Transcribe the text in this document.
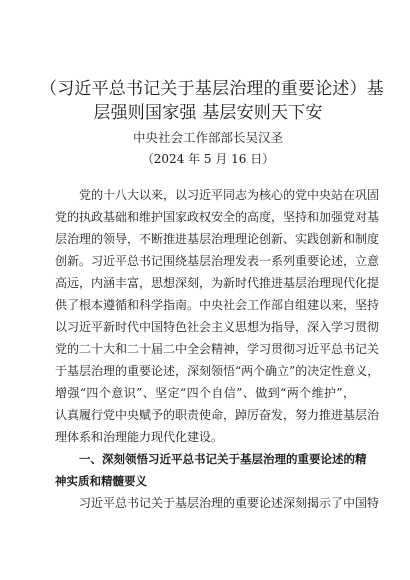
（习近平总书记关于基层治理的重要论述）基
层强则国家强 基层安则天下安
中央社会工作部部长吴汉圣
（2024 年 5 月 16 日）
党的十八大以来，以习近平同志为核心的党中央站在巩固
党的执政基础和维护国家政权安全的高度，坚持和加强党对基
层治理的领导，不断推进基层治理理论创新、实践创新和制度
创新。习近平总书记围绕基层治理发表一系列重要论述，立意
高远，内涵丰富，思想深刻，为新时代推进基层治理现代化提
供了根本遵循和科学指南。中央社会工作部自组建以来，坚持
以习近平新时代中国特色社会主义思想为指导，深入学习贯彻
党的二十大和二十届二中全会精神，学习贯彻习近平总书记关
于基层治理的重要论述，深刻领悟“两个确立”的决定性意义，
增强“四个意识”、坚定“四个自信”、做到“两个维护”，
认真履行党中央赋予的职责使命，踔厉奋发，努力推进基层治
理体系和治理能力现代化建设。
一、深刻领悟习近平总书记关于基层治理的重要论述的精
神实质和精髓要义
习近平总书记关于基层治理的重要论述深刻揭示了中国特
